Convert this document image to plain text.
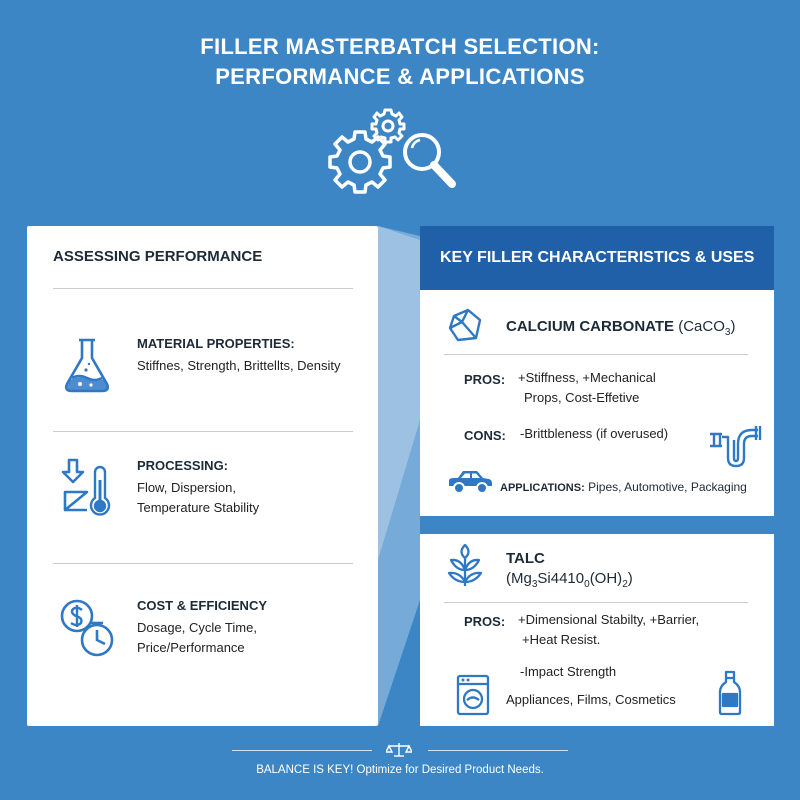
FILLER MASTERBATCH SELECTION:
PERFORMANCE & APPLICATIONS
ASSESSING PERFORMANCE
MATERIAL PROPERTIES:
Stiffnes, Strength, Brittellts, Density
PROCESSING:
Flow, Dispersion,
Temperature Stability
COST & EFFICIENCY
Dosage, Cycle Time,
Price/Performance
KEY FILLER CHARACTERISTICS & USES
CALCIUM CARBONATE (CaCO$_3$)
PROS: +Stiffness, +Mechanical
Props, Cost-Effetive
CONS: -Brittbleness (if overused)
APPLICATIONS: Pipes, Automotive, Packaging
TALC
$(Mg_3Si4410_0(OH)_2)$
PROS: +Dimensional Stabilty, +Barrier,
+Heat Resist.
-Impact Strength
Appliances, Films, Cosmetics
BALANCE IS KEY! Optimize for Desired Product Needs.
